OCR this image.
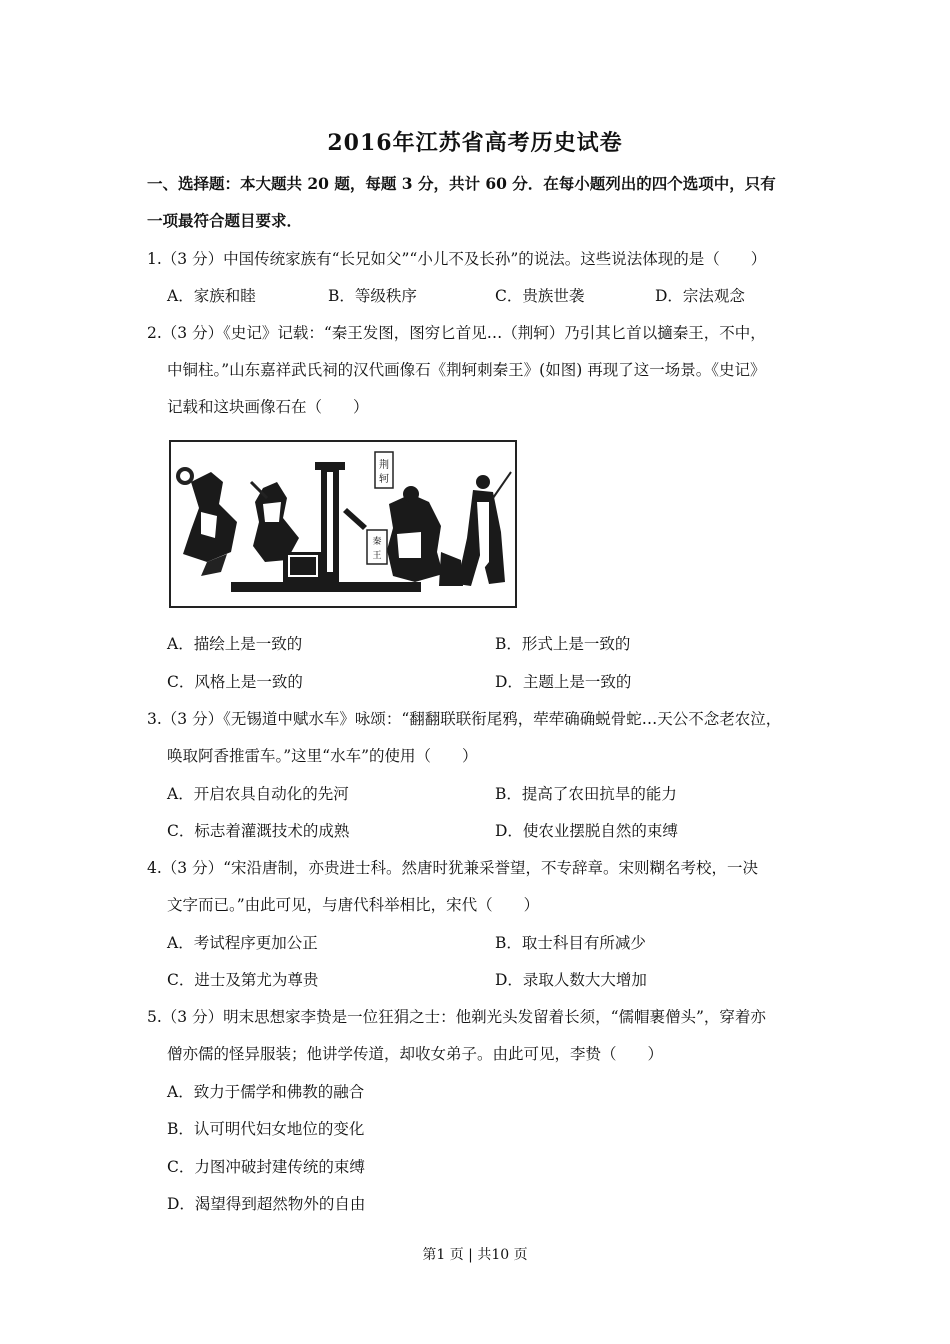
2016年江苏省高考历史试卷
一、选择题：本大题共 20 题，每题 3 分，共计 60 分．在每小题列出的四个选项中，只有
一项最符合题目要求．
1.（3 分）中国传统家族有“长兄如父”“小儿不及长孙”的说法。这些说法体现的是（　　）
A．家族和睦	B．等级秩序	C．贵族世袭	D．宗法观念
2.（3 分）《史记》记载：“秦王发图，图穷匕首见…（荆轲）乃引其匕首以擿秦王，不中，
中铜柱。”山东嘉祥武氏祠的汉代画像石《荆轲刺秦王》(如图) 再现了这一场景。《史记》
记载和这块画像石在（　　）
荆
轲
秦
王
A．描绘上是一致的	B．形式上是一致的
C．风格上是一致的	D．主题上是一致的
3.（3 分）《无锡道中赋水车》咏颂：“翻翻联联衔尾鸦，荦荦确确蜕骨蛇…天公不念老农泣，
唤取阿香推雷车。”这里“水车”的使用（　　）
A．开启农具自动化的先河	B．提高了农田抗旱的能力
C．标志着灌溉技术的成熟	D．使农业摆脱自然的束缚
4.（3 分）“宋沿唐制，亦贵进士科。然唐时犹兼采誉望，不专辞章。宋则糊名考校，一决
文字而已。”由此可见，与唐代科举相比，宋代（　　）
A．考试程序更加公正	B．取士科目有所减少
C．进士及第尤为尊贵	D．录取人数大大增加
5.（3 分）明末思想家李贽是一位狂狷之士：他剃光头发留着长须，“儒帽裹僧头”，穿着亦
僧亦儒的怪异服装；他讲学传道，却收女弟子。由此可见，李贽（　　）
A．致力于儒学和佛教的融合
B．认可明代妇女地位的变化
C．力图冲破封建传统的束缚
D．渴望得到超然物外的自由
第1 页 | 共10 页
